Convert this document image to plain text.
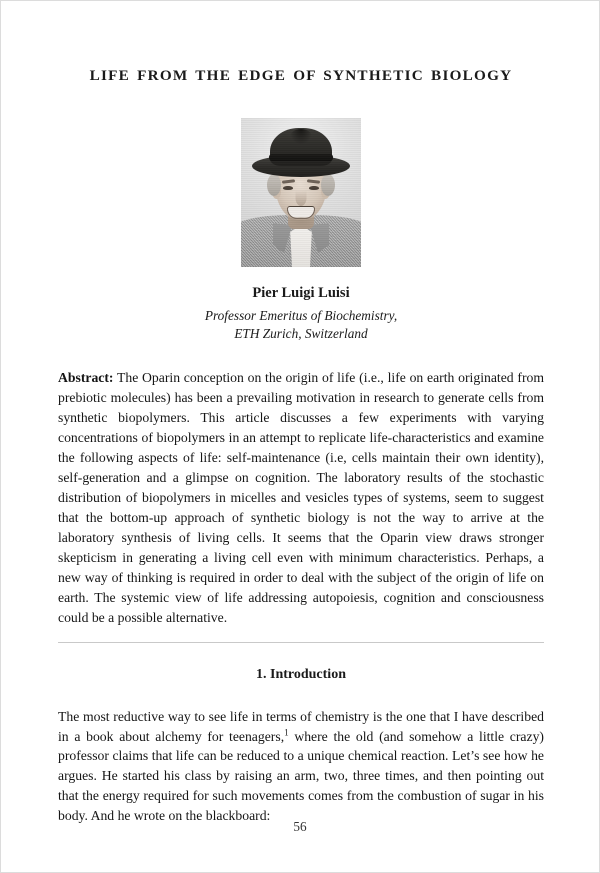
LIFE FROM THE EDGE OF SYNTHETIC BIOLOGY

Pier Luigi Luisi

Professor Emeritus of Biochemistry,

ETH Zurich, Switzerland

Abstract: The Oparin conception on the origin of life (i.e., life on earth originated from prebiotic molecules) has been a prevailing motivation in research to generate cells from synthetic biopolymers. This article discusses a few experiments with varying concentrations of biopolymers in an attempt to replicate life-characteristics and examine the following aspects of life: self-maintenance (i.e, cells maintain their own identity), self-generation and a glimpse on cognition. The laboratory results of the stochastic distribution of biopolymers in micelles and vesicles types of systems, seem to suggest that the bottom-up approach of synthetic biology is not the way to arrive at the laboratory synthesis of living cells. It seems that the Oparin view draws stronger skepticism in generating a living cell even with minimum characteristics. Perhaps, a new way of thinking is required in order to deal with the subject of the origin of life on earth. The systemic view of life addressing autopoiesis, cognition and consciousness could be a possible alternative.

1. Introduction

The most reductive way to see life in terms of chemistry is the one that I have described in a book about alchemy for teenagers,$^1$ where the old (and somehow a little crazy) professor claims that life can be reduced to a unique chemical reaction. Let’s see how he argues. He started his class by raising an arm, two, three times, and then pointing out that the energy required for such movements comes from the combustion of sugar in his body. And he wrote on the blackboard:

56
